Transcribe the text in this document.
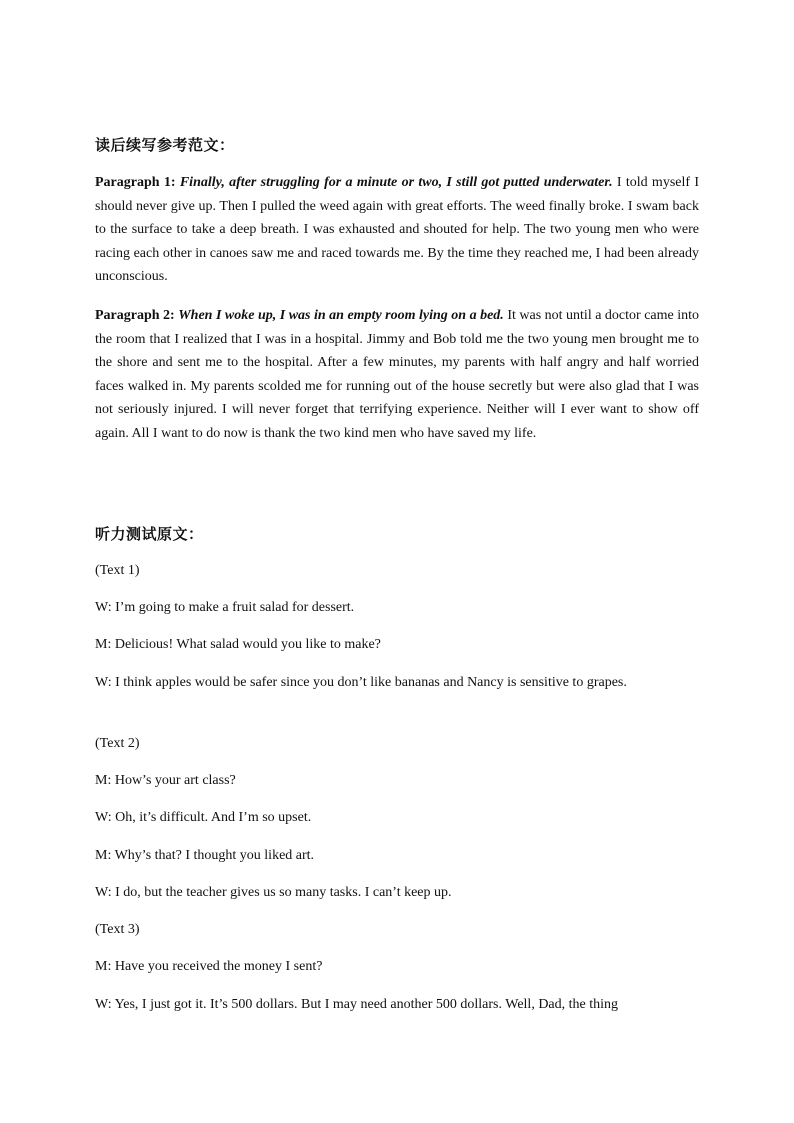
读后续写参考范文：
Paragraph 1: Finally, after struggling for a minute or two, I still got putted underwater. I told myself I should never give up. Then I pulled the weed again with great efforts. The weed finally broke. I swam back to the surface to take a deep breath. I was exhausted and shouted for help. The two young men who were racing each other in canoes saw me and raced towards me. By the time they reached me, I had been already unconscious.
Paragraph 2: When I woke up, I was in an empty room lying on a bed. It was not until a doctor came into the room that I realized that I was in a hospital. Jimmy and Bob told me the two young men brought me to the shore and sent me to the hospital. After a few minutes, my parents with half angry and half worried faces walked in. My parents scolded me for running out of the house secretly but were also glad that I was not seriously injured. I will never forget that terrifying experience. Neither will I ever want to show off again. All I want to do now is thank the two kind men who have saved my life.
听力测试原文：
(Text 1)
W: I’m going to make a fruit salad for dessert.
M: Delicious! What salad would you like to make?
W: I think apples would be safer since you don’t like bananas and Nancy is sensitive to grapes.
(Text 2)
M: How’s your art class?
W: Oh, it’s difficult. And I’m so upset.
M: Why’s that? I thought you liked art.
W: I do, but the teacher gives us so many tasks. I can’t keep up.
(Text 3)
M: Have you received the money I sent?
W: Yes, I just got it. It’s 500 dollars. But I may need another 500 dollars. Well, Dad, the thing
